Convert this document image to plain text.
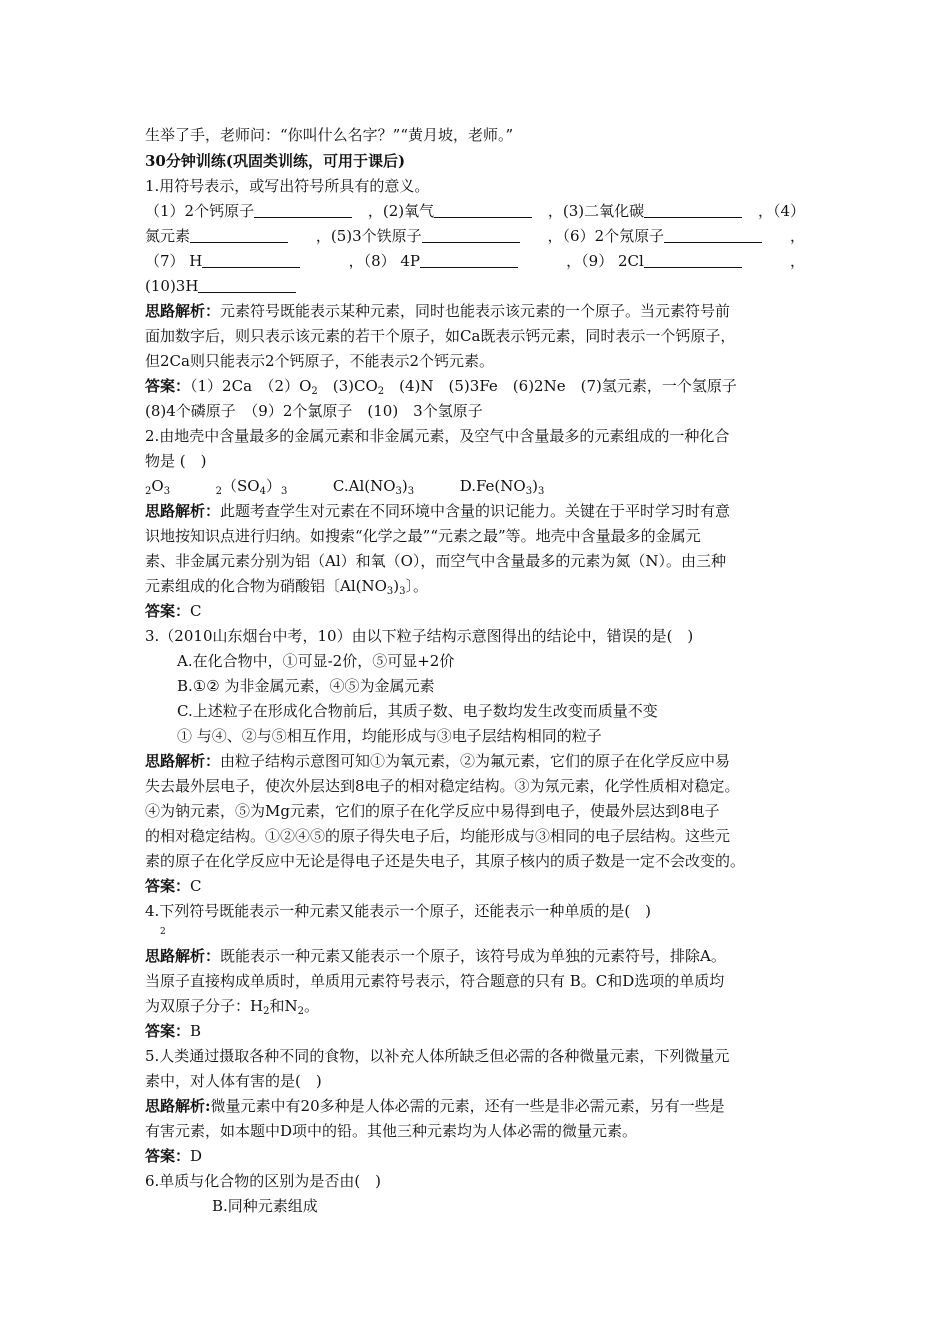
生举了手，老师问：“你叫什么名字？”“黄月坡，老师。”
30分钟训练(巩固类训练，可用于课后)
1.用符号表示，或写出符号所具有的意义。
（1）2个钙原子	，(2)氧气	，(3)二氧化碳	，（4）
氮元素	，(5)3个铁原子	，（6）2个氖原子	，
（7） H	，（8） 4P	，（9） 2Cl	，
(10)3H
思路解析：元素符号既能表示某种元素，同时也能表示该元素的一个原子。当元素符号前
面加数字后，则只表示该元素的若干个原子，如Ca既表示钙元素，同时表示一个钙原子，
但2Ca则只能表示2个钙原子，不能表示2个钙元素。
答案：（1）2Ca　$(2)O_2$　$(3)CO_2$　(4)N　(5)3Fe　(6)2Ne　(7)氢元素，一个氢原子
(8)4个磷原子　（9）2个氯原子　(10)　3个氢原子
2.由地壳中含量最多的金属元素和非金属元素，及空气中含量最多的元素组成的一种化合
物是 (　)
$_2O_3$	$_2(SO_4)_3$	$C.Al(NO_3)_3$	$D.Fe(NO_3)_3$
思路解析：此题考查学生对元素在不同环境中含量的识记能力。关键在于平时学习时有意
识地按知识点进行归纳。如搜索“化学之最”“元素之最”等。地壳中含量最多的金属元
素、非金属元素分别为铝（Al）和氧（O），而空气中含量最多的元素为氮（N）。由三种
元素组成的化合物为硝酸铝〔$Al(NO_3)_3$〕。
答案：C
3.（2010山东烟台中考，10）由以下粒子结构示意图得出的结论中，错误的是(　)
A.在化合物中，①可显-2价，⑤可显+2价
B.①② 为非金属元素，④⑤为金属元素
C.上述粒子在形成化合物前后，其质子数、电子数均发生改变而质量不变
① 与④、②与⑤相互作用，均能形成与③电子层结构相同的粒子
思路解析：由粒子结构示意图可知①为氧元素，②为氟元素，它们的原子在化学反应中易
失去最外层电子，使次外层达到8电子的相对稳定结构。③为氖元素，化学性质相对稳定。
④为钠元素，⑤为Mg元素，它们的原子在化学反应中易得到电子，使最外层达到8电子
的相对稳定结构。①②④⑤的原子得失电子后，均能形成与③相同的电子层结构。这些元
素的原子在化学反应中无论是得电子还是失电子，其原子核内的质子数是一定不会改变的。
答案：C
4.下列符号既能表示一种元素又能表示一个原子，还能表示一种单质的是(　)
2
思路解析：既能表示一种元素又能表示一个原子，该符号成为单独的元素符号，排除A。
当原子直接构成单质时，单质用元素符号表示，符合题意的只有 B。C和D选项的单质均
为双原子分子：$H_2$和$N_2$。
答案：B
5.人类通过摄取各种不同的食物，以补充人体所缺乏但必需的各种微量元素，下列微量元
素中，对人体有害的是(　)
思路解析:微量元素中有20多种是人体必需的元素，还有一些是非必需元素，另有一些是
有害元素，如本题中D项中的铅。其他三种元素均为人体必需的微量元素。
答案：D
6.单质与化合物的区别为是否由(　)
B.同种元素组成
